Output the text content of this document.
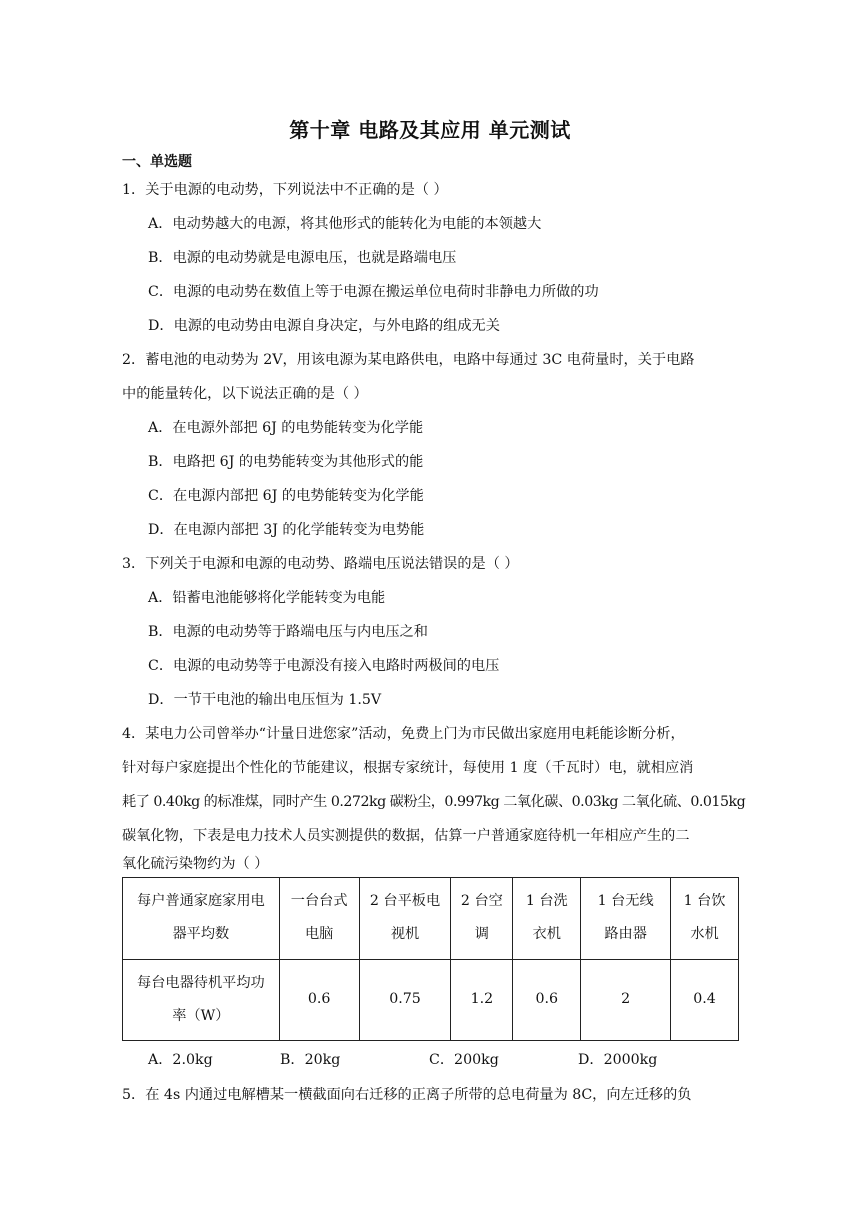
第十章 电路及其应用 单元测试
一、单选题
1．关于电源的电动势，下列说法中不正确的是（ ）
A．电动势越大的电源，将其他形式的能转化为电能的本领越大
B．电源的电动势就是电源电压，也就是路端电压
C．电源的电动势在数值上等于电源在搬运单位电荷时非静电力所做的功
D．电源的电动势由电源自身决定，与外电路的组成无关
2．蓄电池的电动势为 2V，用该电源为某电路供电，电路中每通过 3C 电荷量时，关于电路
中的能量转化，以下说法正确的是（ ）
A．在电源外部把 6J 的电势能转变为化学能
B．电路把 6J 的电势能转变为其他形式的能
C．在电源内部把 6J 的电势能转变为化学能
D．在电源内部把 3J 的化学能转变为电势能
3．下列关于电源和电源的电动势、路端电压说法错误的是（ ）
A．铅蓄电池能够将化学能转变为电能
B．电源的电动势等于路端电压与内电压之和
C．电源的电动势等于电源没有接入电路时两极间的电压
D．一节干电池的输出电压恒为 1.5V
4．某电力公司曾举办“计量日进您家”活动，免费上门为市民做出家庭用电耗能诊断分析，
针对每户家庭提出个性化的节能建议，根据专家统计，每使用 1 度（千瓦时）电，就相应消
耗了 0.40kg 的标准煤，同时产生 0.272kg 碳粉尘，0.997kg 二氧化碳、0.03kg 二氧化硫、0.015kg
碳氧化物，下表是电力技术人员实测提供的数据，估算一户普通家庭待机一年相应产生的二
氧化硫污染物约为（ ）
每户普通家庭家用电
器平均数	一台台式
电脑	2 台平板电
视机	2 台空
调	1 台洗
衣机	1 台无线
路由器	1 台饮
水机
每台电器待机平均功
率（W）	0.6	0.75	1.2	0.6	2	0.4
A．2.0kg	B．20kg	C．200kg	D．2000kg
5．在 4s 内通过电解槽某一横截面向右迁移的正离子所带的总电荷量为 8C，向左迁移的负
